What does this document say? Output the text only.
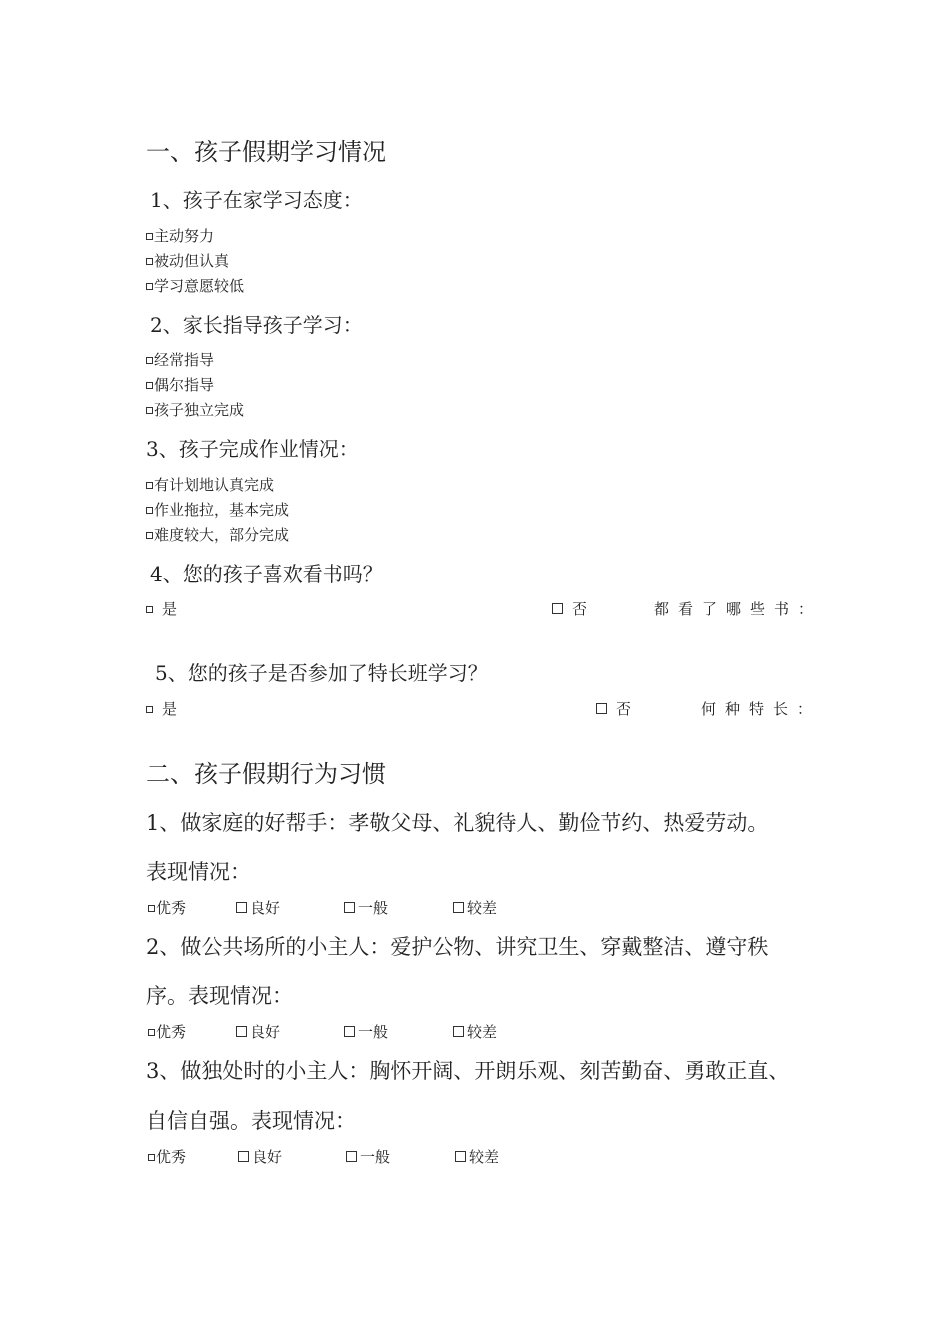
一、孩子假期学习情况
1、孩子在家学习态度：
主动努力
被动但认真
学习意愿较低
2、家长指导孩子学习：
经常指导
偶尔指导
孩子独立完成
3、孩子完成作业情况：
有计划地认真完成
作业拖拉，基本完成
难度较大，部分完成
4、您的孩子喜欢看书吗？
是	否	都看了哪些书：
5、您的孩子是否参加了特长班学习？
是	否	何种特长：
二、孩子假期行为习惯
1、做家庭的好帮手：孝敬父母、礼貌待人、勤俭节约、热爱劳动。
表现情况：
优秀	良好	一般	较差
2、做公共场所的小主人：爱护公物、讲究卫生、穿戴整洁、遵守秩
序。表现情况：
优秀	良好	一般	较差
3、做独处时的小主人：胸怀开阔、开朗乐观、刻苦勤奋、勇敢正直、
自信自强。表现情况：
优秀	良好	一般	较差
